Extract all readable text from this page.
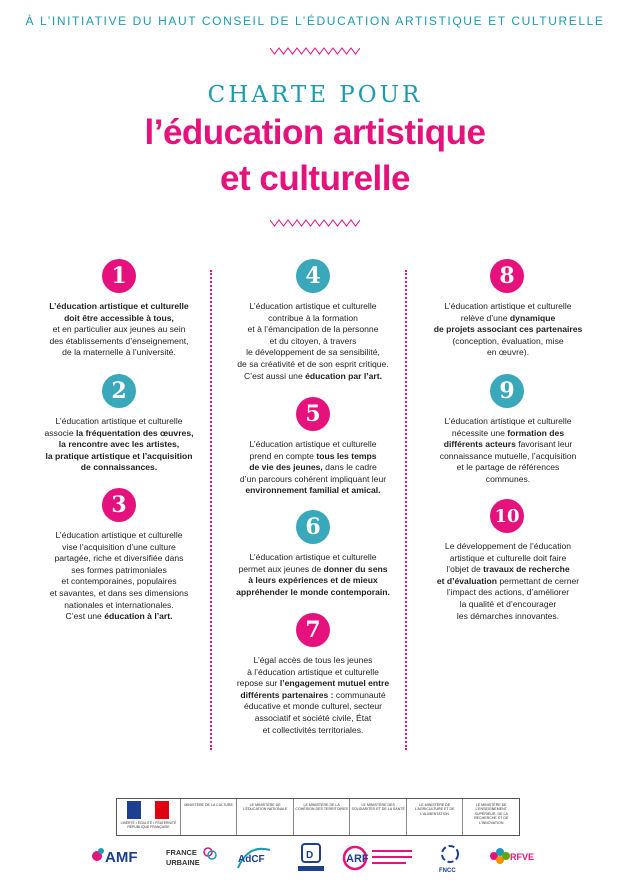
À L’INITIATIVE DU HAUT CONSEIL DE L’ÉDUCATION ARTISTIQUE ET CULTURELLE
CHARTE POUR
l’éducation artistique
et culturelle
1
L’éducation artistique et culturelle
doit être accessible à tous,
et en particulier aux jeunes au sein
des établissements d’enseignement,
de la maternelle à l’université.
2
L’éducation artistique et culturelle
associe la fréquentation des œuvres,
la rencontre avec les artistes,
la pratique artistique et l’acquisition
de connaissances.
3
L’éducation artistique et culturelle
vise l’acquisition d’une culture
partagée, riche et diversifiée dans
ses formes patrimoniales
et contemporaines, populaires
et savantes, et dans ses dimensions
nationales et internationales.
C’est une éducation à l’art.
4
L’éducation artistique et culturelle
contribue à la formation
et à l’émancipation de la personne
et du citoyen, à travers
le développement de sa sensibilité,
de sa créativité et de son esprit critique.
C’est aussi une éducation par l’art.
5
L’éducation artistique et culturelle
prend en compte tous les temps
de vie des jeunes, dans le cadre
d’un parcours cohérent impliquant leur
environnement familial et amical.
6
L’éducation artistique et culturelle
permet aux jeunes de donner du sens
à leurs expériences et de mieux
appréhender le monde contemporain.
7
L’égal accès de tous les jeunes
à l’éducation artistique et culturelle
repose sur l’engagement mutuel entre
différents partenaires : communauté
éducative et monde culturel, secteur
associatif et société civile, État
et collectivités territoriales.
8
L’éducation artistique et culturelle
relève d’une dynamique
de projets associant ces partenaires
(conception, évaluation, mise
en œuvre).
9
L’éducation artistique et culturelle
nécessite une formation des
différents acteurs favorisant leur
connaissance mutuelle, l’acquisition
et le partage de références
communes.
10
Le développement de l’éducation
artistique et culturelle doit faire
l’objet de travaux de recherche
et d’évaluation permettant de cerner
l’impact des actions, d’améliorer
la qualité et d’encourager
les démarches innovantes.
LIBERTÉ • ÉGALITÉ • FRATERNITÉ RÉPUBLIQUE FRANÇAISE
MINISTÈRE DE LA CULTURE	LE MINISTÈRE DE L’ÉDUCATION NATIONALE
LE MINISTÈRE DE LA COHÉSION DES TERRITOIRES
LE MINISTÈRE DES SOLIDARITÉS ET DE LA SANTÉ
LE MINISTÈRE DE L’AGRICULTURE ET DE L’ALIMENTATION
LE MINISTÈRE DE L’ENSEIGNEMENT SUPÉRIEUR, DE LA RECHERCHE ET DE L’INNOVATION
AMF	FRANCE
URBAINE	AdCF	D	ARF
FNCC
RFVE
